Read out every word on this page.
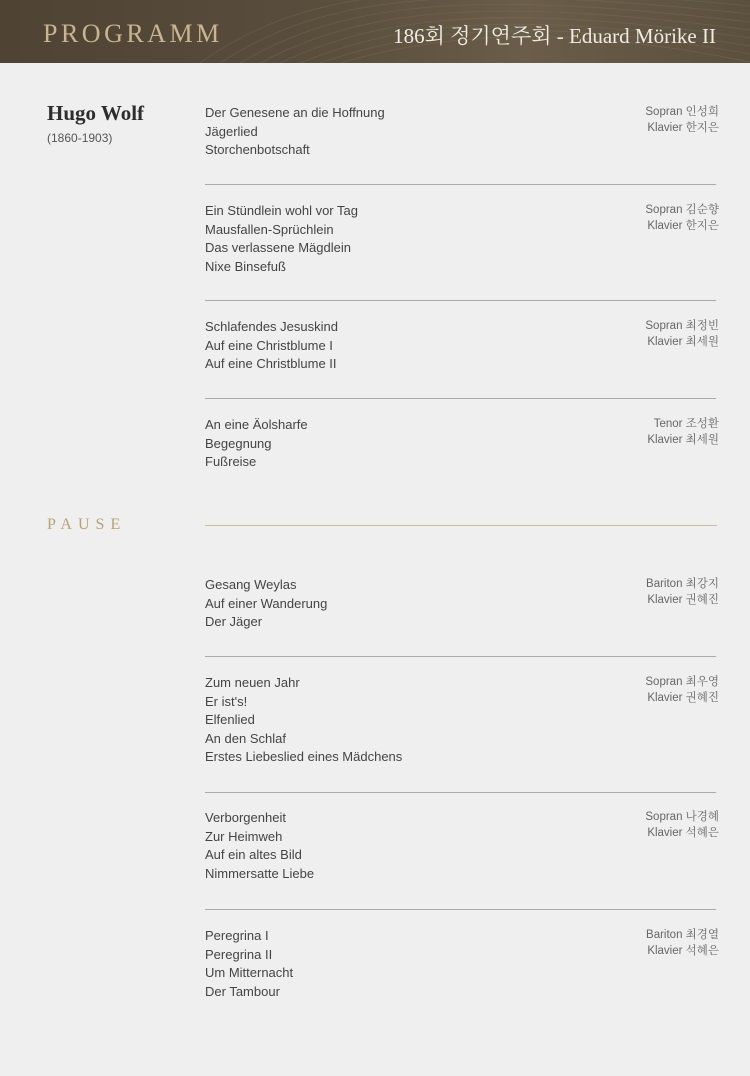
PROGRAMM	186회 정기연주회 - Eduard Mörike II
Hugo Wolf
(1860-1903)
PAUSE
Der Genesene an die Hoffnung
Jägerlied
Storchenbotschaft
Sopran 인성희
Klavier 한지은
Ein Stündlein wohl vor Tag
Mausfallen-Sprüchlein
Das verlassene Mägdlein
Nixe Binsefuß
Sopran 김순향
Klavier 한지은
Schlafendes Jesuskind
Auf eine Christblume I
Auf eine Christblume II
Sopran 최정빈
Klavier 최세원
An eine Äolsharfe
Begegnung
Fußreise
Tenor 조성환
Klavier 최세원
Gesang Weylas
Auf einer Wanderung
Der Jäger
Bariton 최강지
Klavier 권혜진
Zum neuen Jahr
Er ist's!
Elfenlied
An den Schlaf
Erstes Liebeslied eines Mädchens
Sopran 최우영
Klavier 권혜진
Verborgenheit
Zur Heimweh
Auf ein altes Bild
Nimmersatte Liebe
Sopran 나경혜
Klavier 석혜은
Peregrina I
Peregrina II
Um Mitternacht
Der Tambour
Bariton 최경열
Klavier 석혜은
